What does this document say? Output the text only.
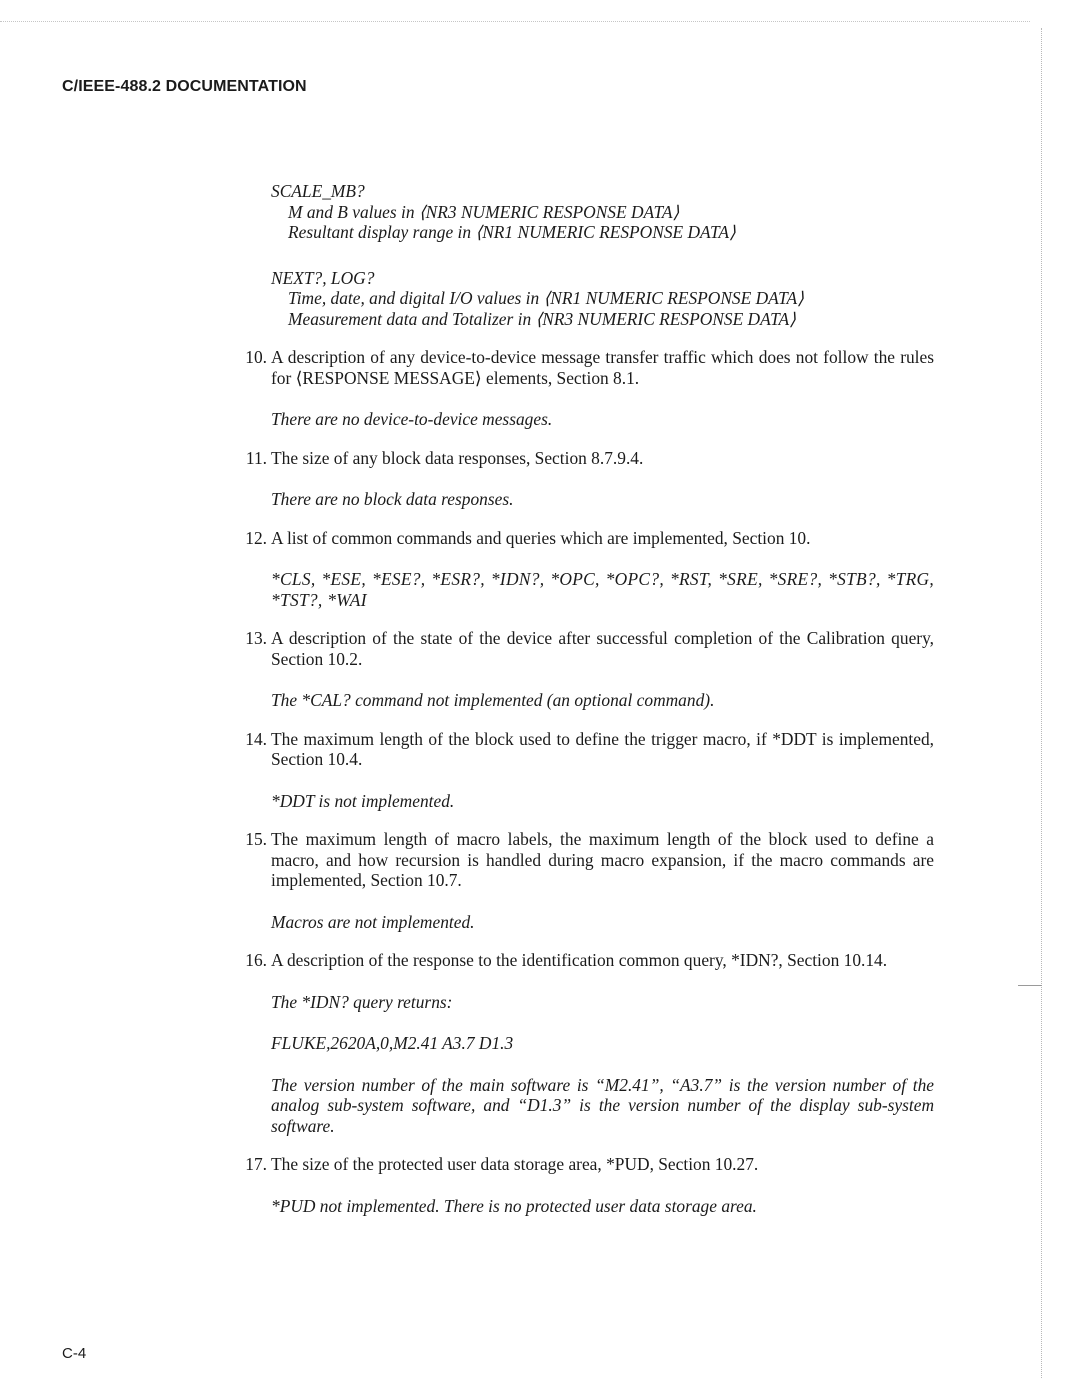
C/IEEE-488.2 DOCUMENTATION
SCALE_MB?
M and B values in ⟨NR3 NUMERIC RESPONSE DATA⟩
Resultant display range in ⟨NR1 NUMERIC RESPONSE DATA⟩
NEXT?, LOG?
Time, date, and digital I/O values in ⟨NR1 NUMERIC RESPONSE DATA⟩
Measurement data and Totalizer in ⟨NR3 NUMERIC RESPONSE DATA⟩
10. A description of any device-to-device message transfer traffic which does not follow the rules for ⟨RESPONSE MESSAGE⟩ elements, Section 8.1.
There are no device-to-device messages.
11. The size of any block data responses, Section 8.7.9.4.
There are no block data responses.
12. A list of common commands and queries which are implemented, Section 10.
*CLS, *ESE, *ESE?, *ESR?, *IDN?, *OPC, *OPC?, *RST, *SRE, *SRE?, *STB?, *TRG, *TST?, *WAI
13. A description of the state of the device after successful completion of the Calibration query, Section 10.2.
The *CAL? command not implemented (an optional command).
14. The maximum length of the block used to define the trigger macro, if *DDT is implemented, Section 10.4.
*DDT is not implemented.
15. The maximum length of macro labels, the maximum length of the block used to define a macro, and how recursion is handled during macro expansion, if the macro commands are implemented, Section 10.7.
Macros are not implemented.
16. A description of the response to the identification common query, *IDN?, Section 10.14.
The *IDN? query returns:
FLUKE,2620A,0,M2.41 A3.7 D1.3
The version number of the main software is “M2.41”, “A3.7” is the version number of the analog sub-system software, and “D1.3” is the version number of the display sub-system software.
17. The size of the protected user data storage area, *PUD, Section 10.27.
*PUD not implemented. There is no protected user data storage area.
C-4
